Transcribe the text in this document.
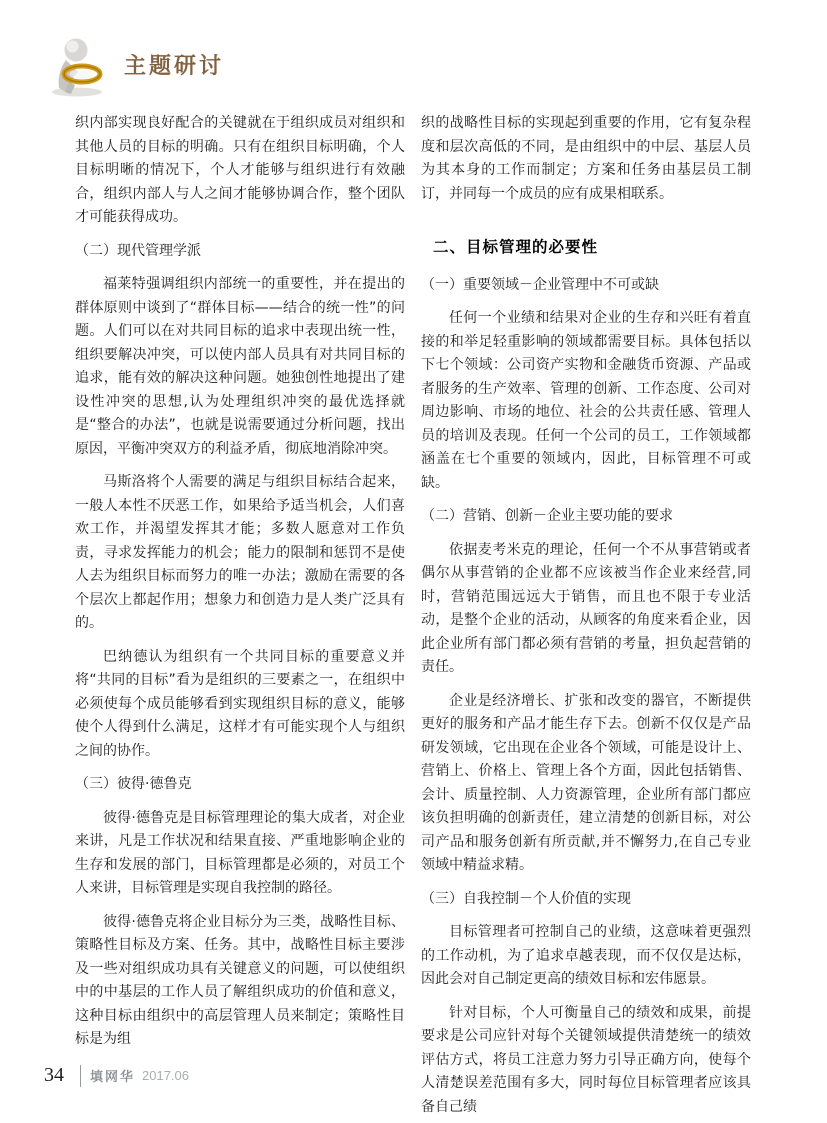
主题研讨
织内部实现良好配合的关键就在于组织成员对组织和其他人员的目标的明确。只有在组织目标明确，个人目标明晰的情况下，个人才能够与组织进行有效融合，组织内部人与人之间才能够协调合作，整个团队才可能获得成功。
（二）现代管理学派
福莱特强调组织内部统一的重要性，并在提出的群体原则中谈到了“群体目标——结合的统一性”的问题。人们可以在对共同目标的追求中表现出统一性，组织要解决冲突，可以使内部人员具有对共同目标的追求，能有效的解决这种问题。她独创性地提出了建设性冲突的思想,认为处理组织冲突的最优选择就是“整合的办法”，也就是说需要通过分析问题，找出原因，平衡冲突双方的利益矛盾，彻底地消除冲突。
马斯洛将个人需要的满足与组织目标结合起来，一般人本性不厌恶工作，如果给予适当机会，人们喜欢工作，并渴望发挥其才能；多数人愿意对工作负责，寻求发挥能力的机会；能力的限制和惩罚不是使人去为组织目标而努力的唯一办法；激励在需要的各个层次上都起作用；想象力和创造力是人类广泛具有的。
巴纳德认为组织有一个共同目标的重要意义并将“共同的目标”看为是组织的三要素之一，在组织中必须使每个成员能够看到实现组织目标的意义，能够使个人得到什么满足，这样才有可能实现个人与组织之间的协作。
（三）彼得·德鲁克
彼得·德鲁克是目标管理理论的集大成者，对企业来讲，凡是工作状况和结果直接、严重地影响企业的生存和发展的部门，目标管理都是必须的，对员工个人来讲，目标管理是实现自我控制的路径。
彼得·德鲁克将企业目标分为三类，战略性目标、策略性目标及方案、任务。其中，战略性目标主要涉及一些对组织成功具有关键意义的问题，可以使组织中的中基层的工作人员了解组织成功的价值和意义，这种目标由组织中的高层管理人员来制定；策略性目标是为组
织的战略性目标的实现起到重要的作用，它有复杂程度和层次高低的不同，是由组织中的中层、基层人员为其本身的工作而制定；方案和任务由基层员工制订，并同每一个成员的应有成果相联系。
二、目标管理的必要性
（一）重要领域－企业管理中不可或缺
任何一个业绩和结果对企业的生存和兴旺有着直接的和举足轻重影响的领域都需要目标。具体包括以下七个领域：公司资产实物和金融货币资源、产品或者服务的生产效率、管理的创新、工作态度、公司对周边影响、市场的地位、社会的公共责任感、管理人员的培训及表现。任何一个公司的员工，工作领域都涵盖在七个重要的领域内，因此，目标管理不可或缺。
（二）营销、创新－企业主要功能的要求
依据麦考米克的理论，任何一个不从事营销或者偶尔从事营销的企业都不应该被当作企业来经营,同时，营销范围远远大于销售，而且也不限于专业活动，是整个企业的活动，从顾客的角度来看企业，因此企业所有部门都必须有营销的考量，担负起营销的责任。
企业是经济增长、扩张和改变的器官，不断提供更好的服务和产品才能生存下去。创新不仅仅是产品研发领域，它出现在企业各个领域，可能是设计上、营销上、价格上、管理上各个方面，因此包括销售、会计、质量控制、人力资源管理，企业所有部门都应该负担明确的创新责任，建立清楚的创新目标，对公司产品和服务创新有所贡献,并不懈努力,在自己专业领域中精益求精。
（三）自我控制－个人价值的实现
目标管理者可控制自己的业绩，这意味着更强烈的工作动机，为了追求卓越表现，而不仅仅是达标，因此会对自己制定更高的绩效目标和宏伟愿景。
针对目标，个人可衡量自己的绩效和成果，前提要求是公司应针对每个关键领域提供清楚统一的绩效评估方式，将员工注意力努力引导正确方向，使每个人清楚误差范围有多大，同时每位目标管理者应该具备自己绩
34 填网华 2017.06
